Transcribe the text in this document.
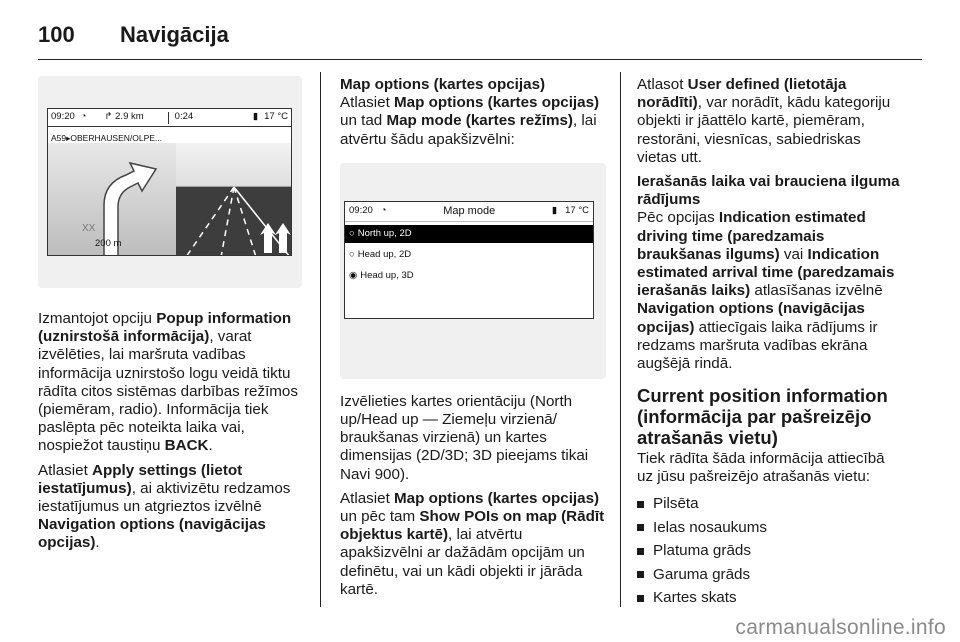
100 Navigācija
09:20 ◔ ↱ 2.9 km	0:24	▮ 17 °C
A59▸OBERHAUSEN/OLPE...
XX
200 m

Izmantojot opciju Popup information (uznirstošā informācija), varat izvēlēties, lai maršruta vadības informācija uznirstošo logu veidā tiktu rādīta citos sistēmas darbības režīmos (piemēram, radio). Informācija tiek paslēpta pēc noteikta laika vai, nospiežot taustiņu BACK.

Atlasiet Apply settings (lietot iestatījumus), ai aktivizētu redzamos iestatījumus un atgrieztos izvēlnē Navigation options (navigācijas opcijas).

Map options (kartes opcijas)

Atlasiet Map options (kartes opcijas) un tad Map mode (kartes režīms), lai atvērtu šādu apakšizvēlni:

09:20 ◔	Map mode	▮ 17 °C
○ North up, 2D
○ Head up, 2D
◉ Head up, 3D

Izvēlieties kartes orientāciju (North up/Head up — Ziemeļu virzienā/ braukšanas virzienā) un kartes dimensijas (2D/3D; 3D pieejams tikai Navi 900).

Atlasiet Map options (kartes opcijas) un pēc tam Show POIs on map (Rādīt objektus kartē), lai atvērtu apakšizvēlni ar dažādām opcijām un definētu, vai un kādi objekti ir jārāda kartē.

Atlasot User defined (lietotāja norādīti), var norādīt, kādu kategoriju objekti ir jāattēlo kartē, piemēram, restorāni, viesnīcas, sabiedriskas vietas utt.

Ierašanās laika vai brauciena ilguma rādījums

Pēc opcijas Indication estimated driving time (paredzamais braukšanas ilgums) vai Indication estimated arrival time (paredzamais ierašanās laiks) atlasīšanas izvēlnē Navigation options (navigācijas opcijas) attiecīgais laika rādījums ir redzams maršruta vadības ekrāna augšējā rindā.

Current position information (informācija par pašreizējo atrašanās vietu)

Tiek rādīta šāda informācija attiecībā uz jūsu pašreizējo atrašanās vietu:

Pilsēta
Ielas nosaukums
Platuma grāds
Garuma grāds
Kartes skats
carmanualsonline.info
